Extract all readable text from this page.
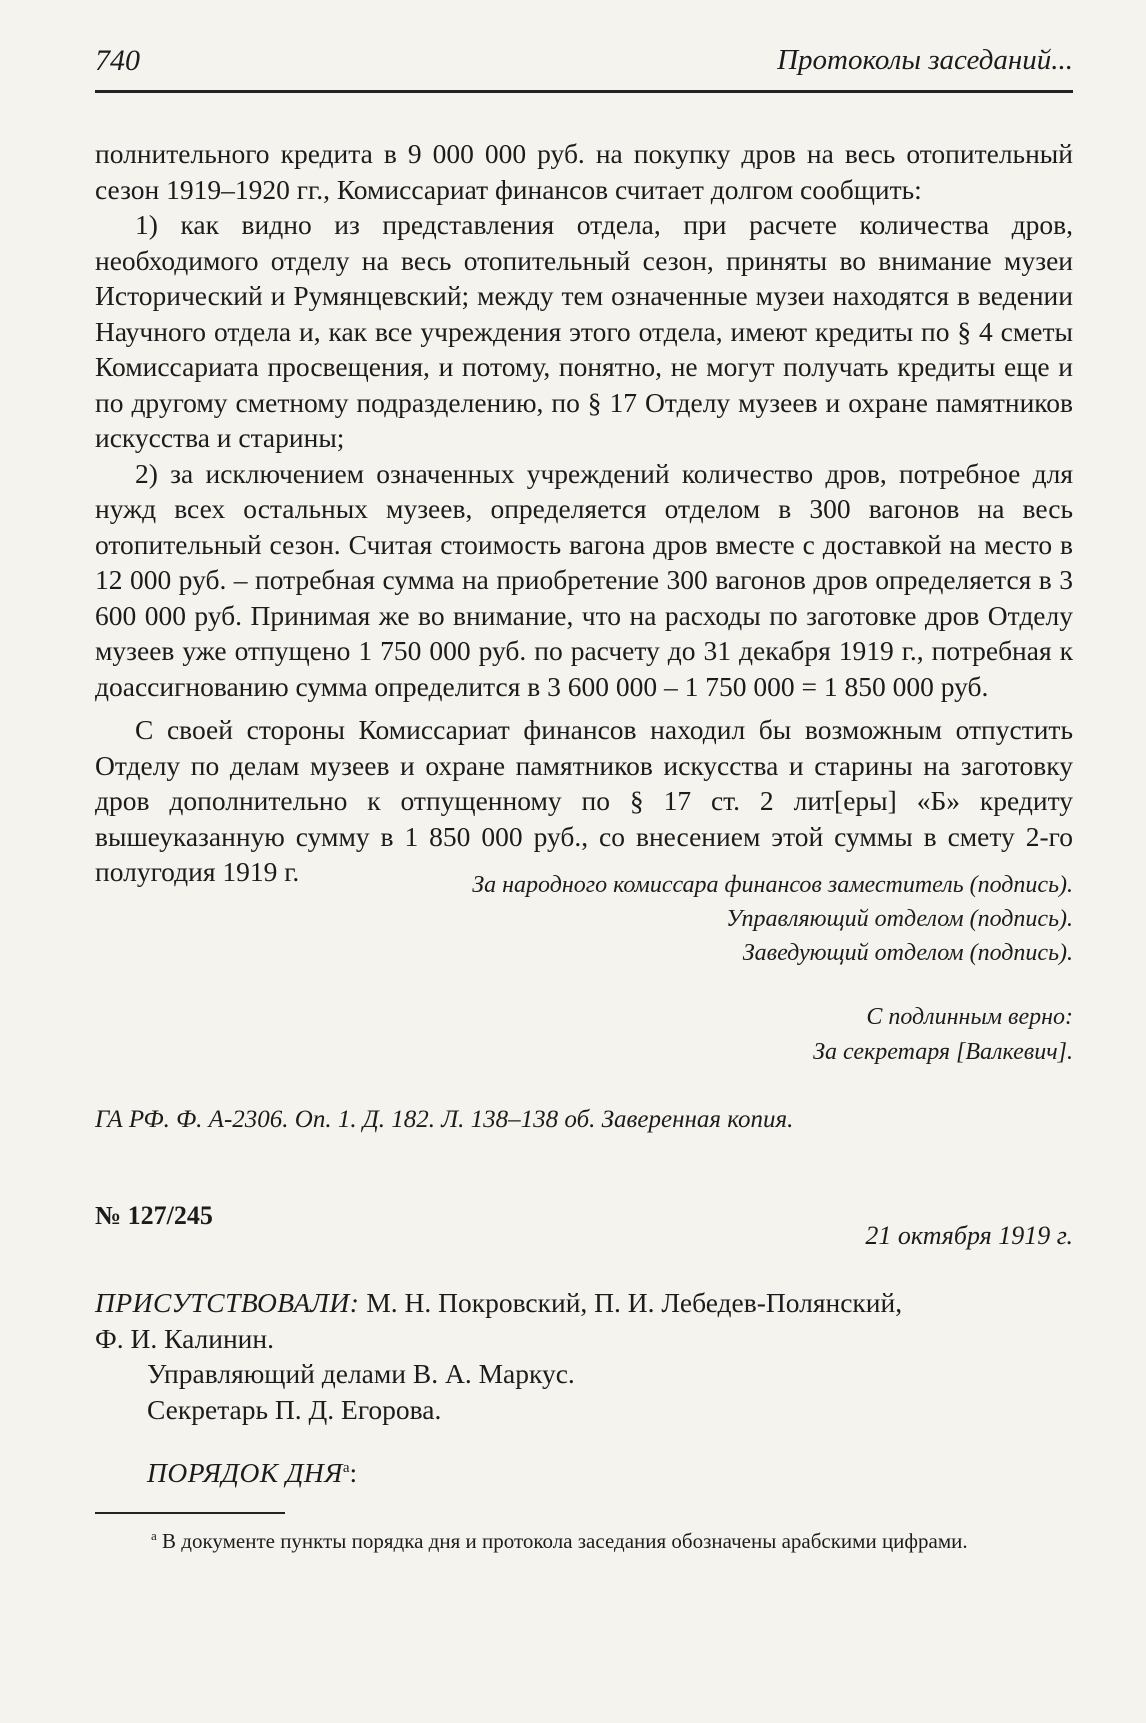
740	Протоколы заседаний...

полнительного кредита в 9 000 000 руб. на покупку дров на весь отопительный сезон 1919–1920 гг., Комиссариат финансов считает долгом сообщить:

1) как видно из представления отдела, при расчете количества дров, необходимого отделу на весь отопительный сезон, приняты во внимание музеи Исторический и Румянцевский; между тем означенные музеи находятся в ведении Научного отдела и, как все учреждения этого отдела, имеют кредиты по § 4 сметы Комиссариата просвещения, и потому, понятно, не могут получать кредиты еще и по другому сметному подразделению, по § 17 Отделу музеев и охране памятников искусства и старины;

2) за исключением означенных учреждений количество дров, потребное для нужд всех остальных музеев, определяется отделом в 300 вагонов на весь отопительный сезон. Считая стоимость вагона дров вместе с доставкой на место в 12 000 руб. – потребная сумма на приобретение 300 вагонов дров определяется в 3 600 000 руб. Принимая же во внимание, что на расходы по заготовке дров Отделу музеев уже отпущено 1 750 000 руб. по расчету до 31 декабря 1919 г., потребная к доассигнованию сумма определится в 3 600 000 – 1 750 000 = 1 850 000 руб.

С своей стороны Комиссариат финансов находил бы возможным отпустить Отделу по делам музеев и охране памятников искусства и старины на заготовку дров дополнительно к отпущенному по § 17 ст. 2 лит[еры] «Б» кредиту вышеуказанную сумму в 1 850 000 руб., со внесением этой суммы в смету 2-го полугодия 1919 г.	За народного комиссара финансов заместитель (подпись).
Управляющий отделом (подпись).
Заведующий отделом (подпись).
С подлинным верно:
За секретаря [Валкевич].
ГА РФ. Ф. А-2306. Оп. 1. Д. 182. Л. 138–138 об. Заверенная копия.
№ 127/245
21 октября 1919 г.

ПРИСУТСТВОВАЛИ: М. Н. Покровский, П. И. Лебедев-Полянский,

Ф. И. Калинин.

Управляющий делами В. А. Маркус.

Секретарь П. Д. Егорова.

ПОРЯДОК $ДНЯ^а$:
$^а$ В документе пункты порядка дня и протокола заседания обозначены арабскими цифрами.
